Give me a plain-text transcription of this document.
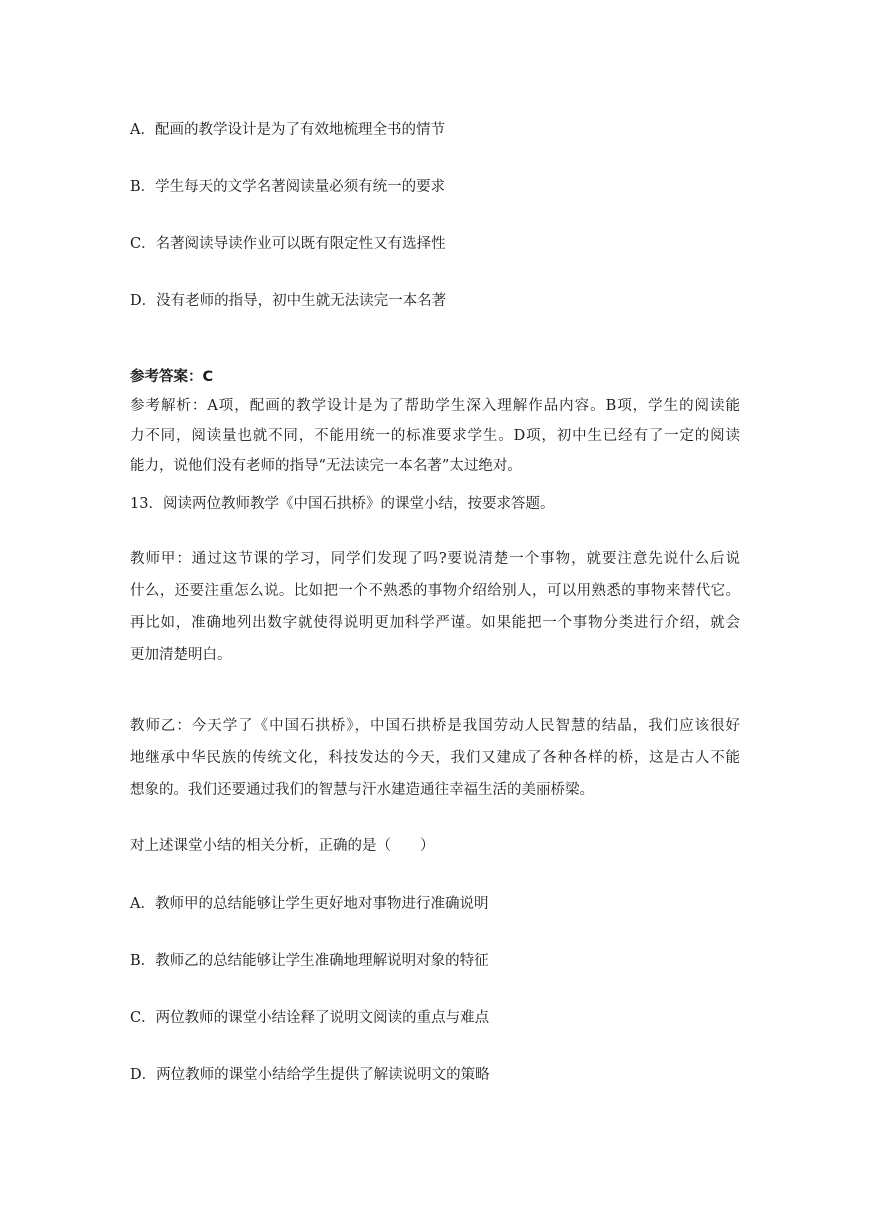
A．配画的教学设计是为了有效地梳理全书的情节
B．学生每天的文学名著阅读量必须有统一的要求
C．名著阅读导读作业可以既有限定性又有选择性
D．没有老师的指导，初中生就无法读完一本名著
参考答案：C
参考解析：A项，配画的教学设计是为了帮助学生深入理解作品内容。B项，学生的阅读能
力不同，阅读量也就不同，不能用统一的标准要求学生。D项，初中生已经有了一定的阅读
能力，说他们没有老师的指导“无法读完一本名著”太过绝对。
13．阅读两位教师教学《中国石拱桥》的课堂小结，按要求答题。
教师甲：通过这节课的学习，同学们发现了吗?要说清楚一个事物，就要注意先说什么后说
什么，还要注重怎么说。比如把一个不熟悉的事物介绍给别人，可以用熟悉的事物来替代它。
再比如，准确地列出数字就使得说明更加科学严谨。如果能把一个事物分类进行介绍，就会
更加清楚明白。
教师乙：今天学了《中国石拱桥》，中国石拱桥是我国劳动人民智慧的结晶，我们应该很好
地继承中华民族的传统文化，科技发达的今天，我们又建成了各种各样的桥，这是古人不能
想象的。我们还要通过我们的智慧与汗水建造通往幸福生活的美丽桥梁。
对上述课堂小结的相关分析，正确的是（　　）
A．教师甲的总结能够让学生更好地对事物进行准确说明
B．教师乙的总结能够让学生准确地理解说明对象的特征
C．两位教师的课堂小结诠释了说明文阅读的重点与难点
D．两位教师的课堂小结给学生提供了解读说明文的策略
